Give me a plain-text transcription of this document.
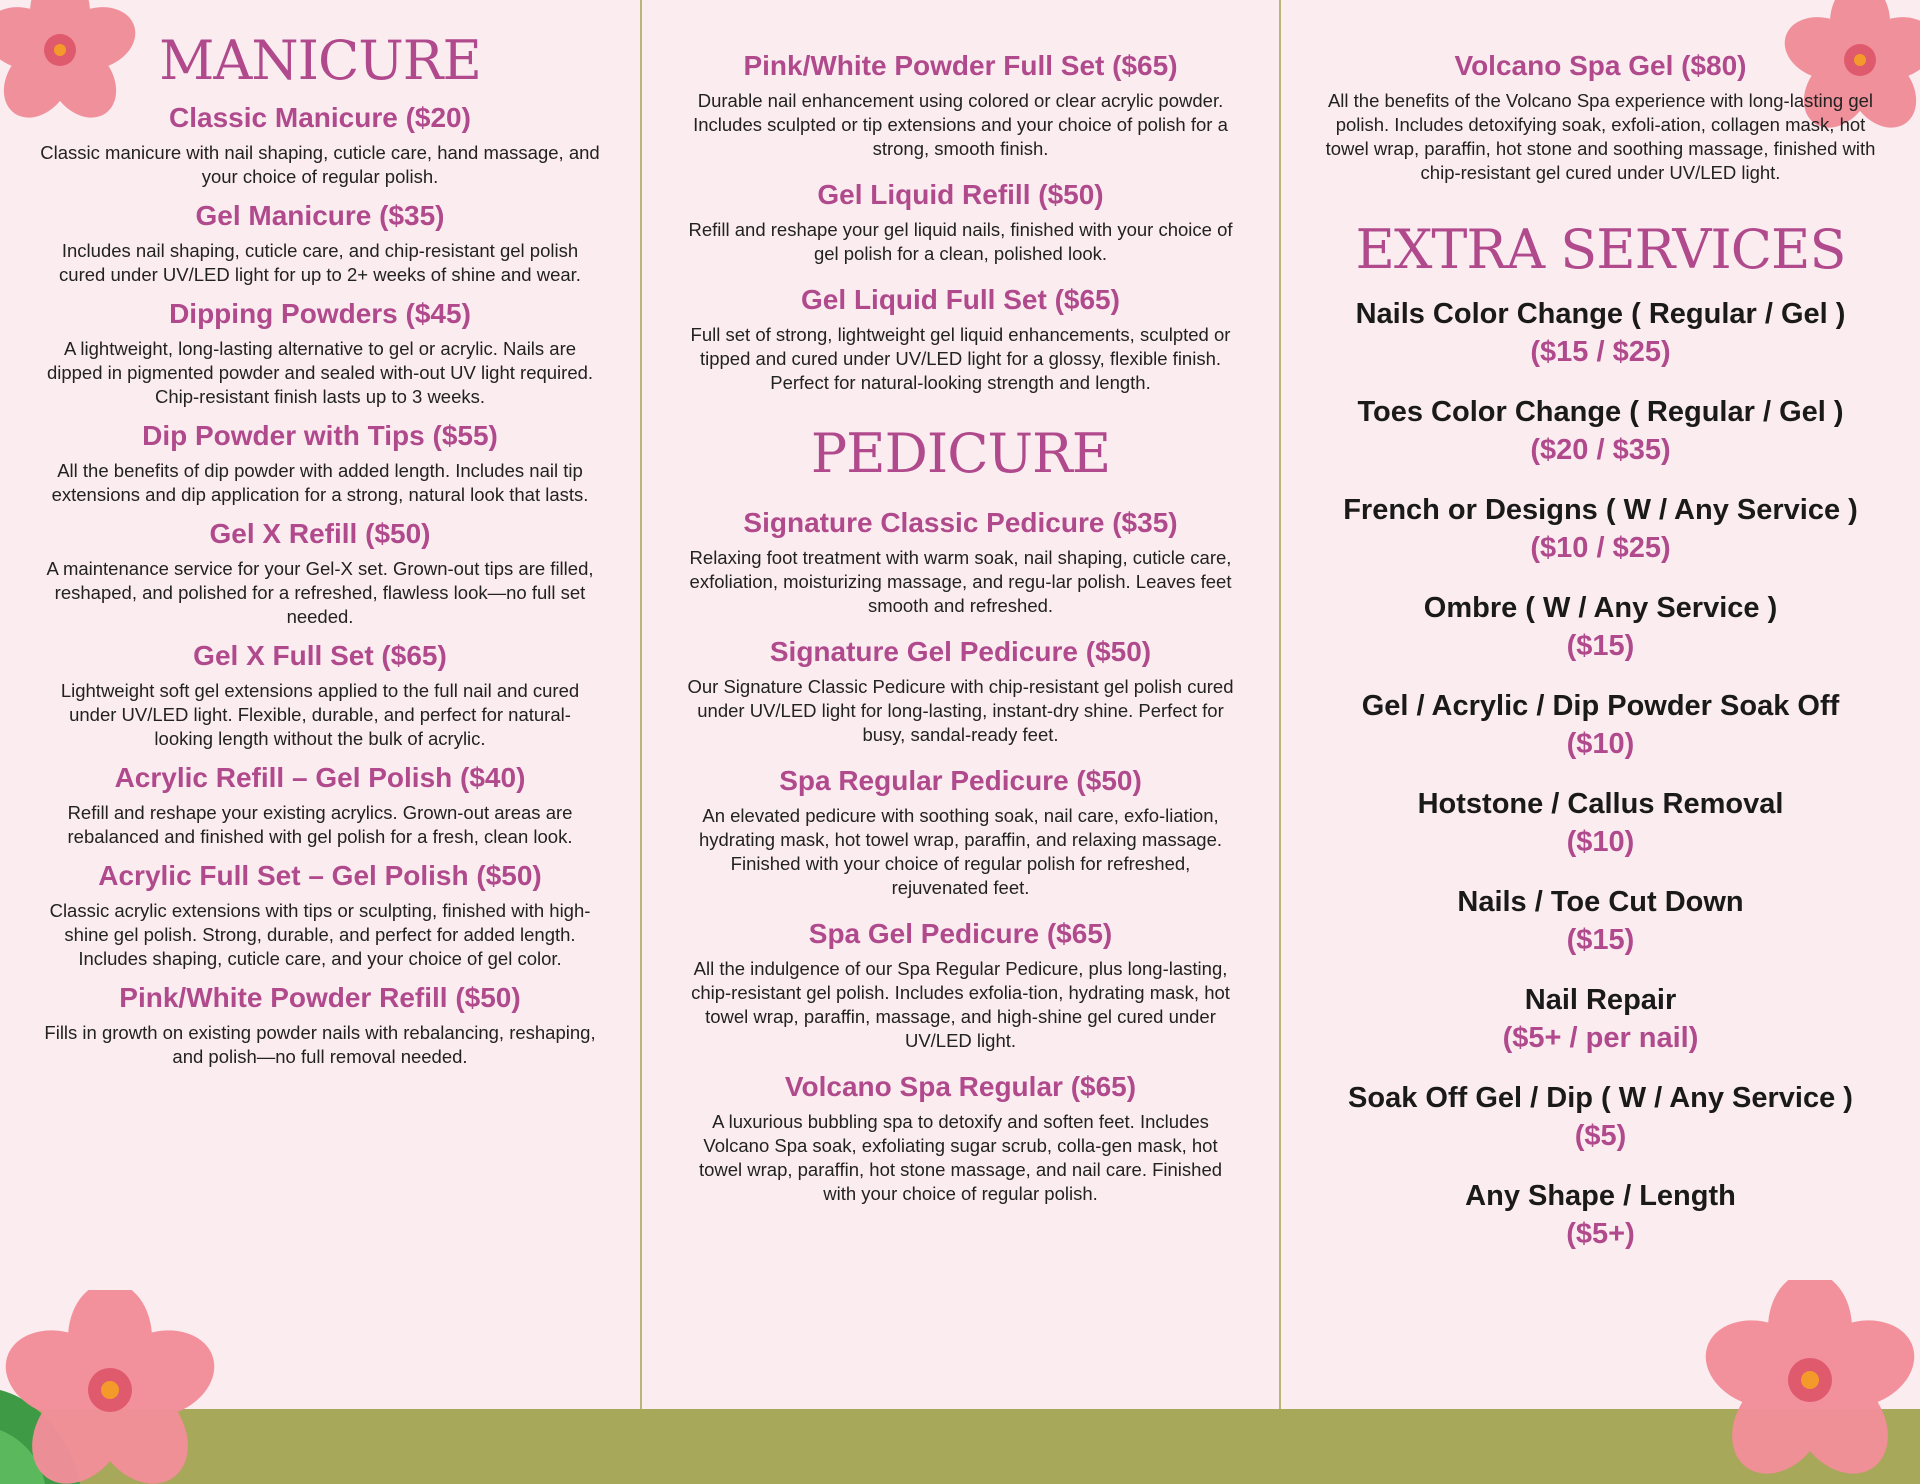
MANICURE
Classic Manicure ($20)
Classic manicure with nail shaping, cuticle care, hand massage, and your choice of regular polish.
Gel Manicure ($35)
Includes nail shaping, cuticle care, and chip-resistant gel polish cured under UV/LED light for up to 2+ weeks of shine and wear.
Dipping Powders ($45)
A lightweight, long-lasting alternative to gel or acrylic. Nails are dipped in pigmented powder and sealed with-out UV light required. Chip-resistant finish lasts up to 3 weeks.
Dip Powder with Tips ($55)
All the benefits of dip powder with added length. Includes nail tip extensions and dip application for a strong, natural look that lasts.
Gel X Refill ($50)
A maintenance service for your Gel-X set. Grown-out tips are filled, reshaped, and polished for a refreshed, flawless look—no full set needed.
Gel X Full Set ($65)
Lightweight soft gel extensions applied to the full nail and cured under UV/LED light. Flexible, durable, and perfect for natural-looking length without the bulk of acrylic.
Acrylic Refill – Gel Polish ($40)
Refill and reshape your existing acrylics. Grown-out areas are rebalanced and finished with gel polish for a fresh, clean look.
Acrylic Full Set – Gel Polish ($50)
Classic acrylic extensions with tips or sculpting, finished with high-shine gel polish. Strong, durable, and perfect for added length. Includes shaping, cuticle care, and your choice of gel color.
Pink/White Powder Refill ($50)
Fills in growth on existing powder nails with rebalancing, reshaping, and polish—no full removal needed.
Pink/White Powder Full Set ($65)
Durable nail enhancement using colored or clear acrylic powder. Includes sculpted or tip extensions and your choice of polish for a strong, smooth finish.
Gel Liquid Refill ($50)
Refill and reshape your gel liquid nails, finished with your choice of gel polish for a clean, polished look.
Gel Liquid Full Set ($65)
Full set of strong, lightweight gel liquid enhancements, sculpted or tipped and cured under UV/LED light for a glossy, flexible finish. Perfect for natural-looking strength and length.
PEDICURE
Signature Classic Pedicure ($35)
Relaxing foot treatment with warm soak, nail shaping, cuticle care, exfoliation, moisturizing massage, and regu-lar polish. Leaves feet smooth and refreshed.
Signature Gel Pedicure ($50)
Our Signature Classic Pedicure with chip-resistant gel polish cured under UV/LED light for long-lasting, instant-dry shine. Perfect for busy, sandal-ready feet.
Spa Regular Pedicure ($50)
An elevated pedicure with soothing soak, nail care, exfo-liation, hydrating mask, hot towel wrap, paraffin, and relaxing massage. Finished with your choice of regular polish for refreshed, rejuvenated feet.
Spa Gel Pedicure ($65)
All the indulgence of our Spa Regular Pedicure, plus long-lasting, chip-resistant gel polish. Includes exfolia-tion, hydrating mask, hot towel wrap, paraffin, massage, and high-shine gel cured under UV/LED light.
Volcano Spa Regular ($65)
A luxurious bubbling spa to detoxify and soften feet. Includes Volcano Spa soak, exfoliating sugar scrub, colla-gen mask, hot towel wrap, paraffin, hot stone massage, and nail care. Finished with your choice of regular polish.
Volcano Spa Gel ($80)
All the benefits of the Volcano Spa experience with long-lasting gel polish. Includes detoxifying soak, exfoli-ation, collagen mask, hot towel wrap, paraffin, hot stone and soothing massage, finished with chip-resistant gel cured under UV/LED light.
EXTRA SERVICES
Nails Color Change ( Regular / Gel )
($15 / $25)
Toes Color Change ( Regular / Gel )
($20 / $35)
French or Designs ( W / Any Service )
($10 / $25)
Ombre ( W / Any Service )
($15)
Gel / Acrylic / Dip Powder Soak Off
($10)
Hotstone / Callus Removal
($10)
Nails / Toe Cut Down
($15)
Nail Repair
($5+ / per nail)
Soak Off Gel / Dip ( W / Any Service )
($5)
Any Shape / Length
($5+)
